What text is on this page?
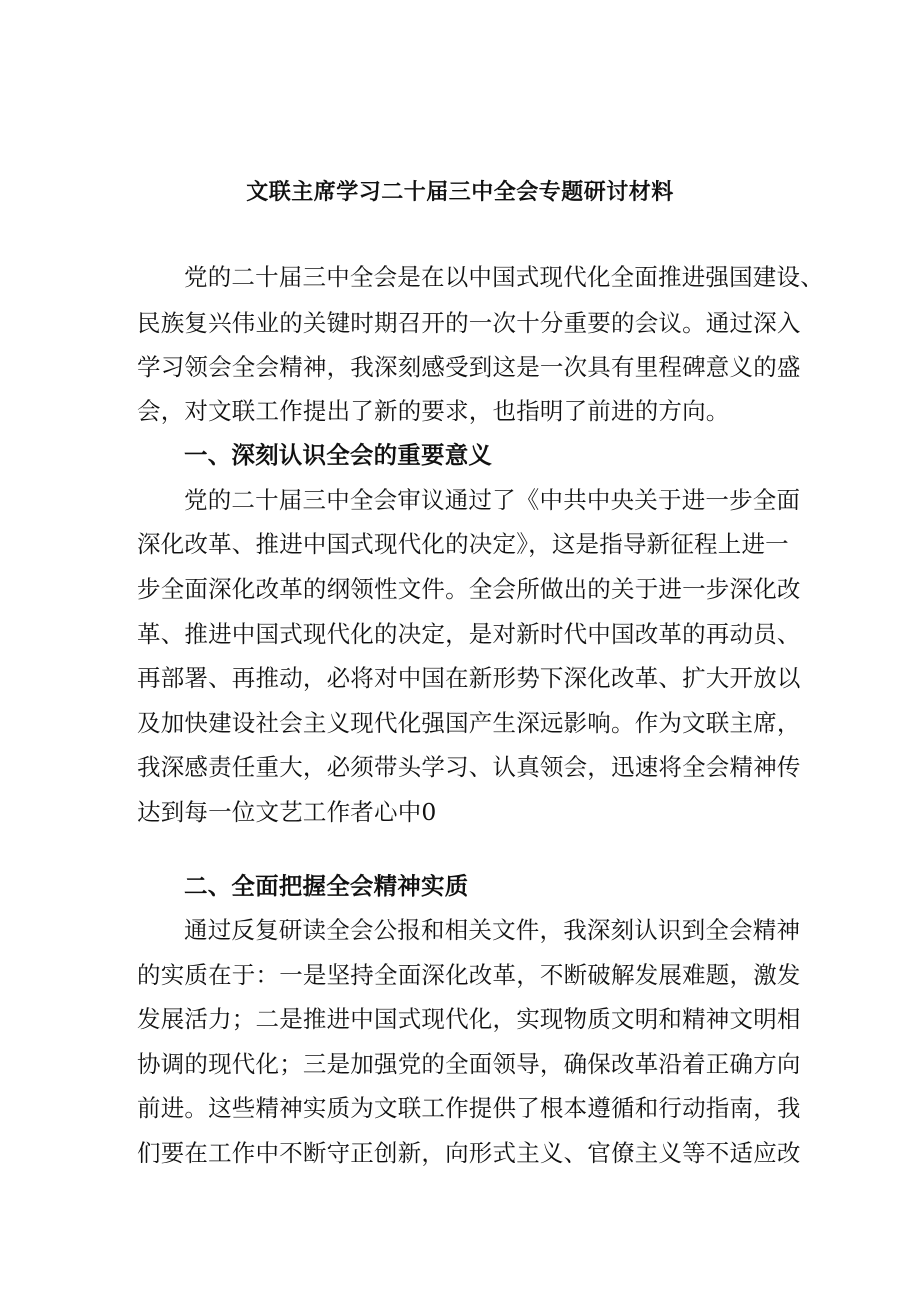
文联主席学习二十届三中全会专题研讨材料

党的二十届三中全会是在以中国式现代化全面推进强国建设、

民族复兴伟业的关键时期召开的一次十分重要的会议。通过深入

学习领会全会精神，我深刻感受到这是一次具有里程碑意义的盛

会，对文联工作提出了新的要求，也指明了前进的方向。

一、深刻认识全会的重要意义

党的二十届三中全会审议通过了《中共中央关于进一步全面

深化改革、推进中国式现代化的决定》，这是指导新征程上进一

步全面深化改革的纲领性文件。全会所做出的关于进一步深化改

革、推进中国式现代化的决定，是对新时代中国改革的再动员、

再部署、再推动，必将对中国在新形势下深化改革、扩大开放以

及加快建设社会主义现代化强国产生深远影响。作为文联主席，

我深感责任重大，必须带头学习、认真领会，迅速将全会精神传

达到每一位文艺工作者心中0

二、全面把握全会精神实质

通过反复研读全会公报和相关文件，我深刻认识到全会精神

的实质在于：一是坚持全面深化改革，不断破解发展难题，激发

发展活力；二是推进中国式现代化，实现物质文明和精神文明相

协调的现代化；三是加强党的全面领导，确保改革沿着正确方向

前进。这些精神实质为文联工作提供了根本遵循和行动指南，我

们要在工作中不断守正创新，向形式主义、官僚主义等不适应改
